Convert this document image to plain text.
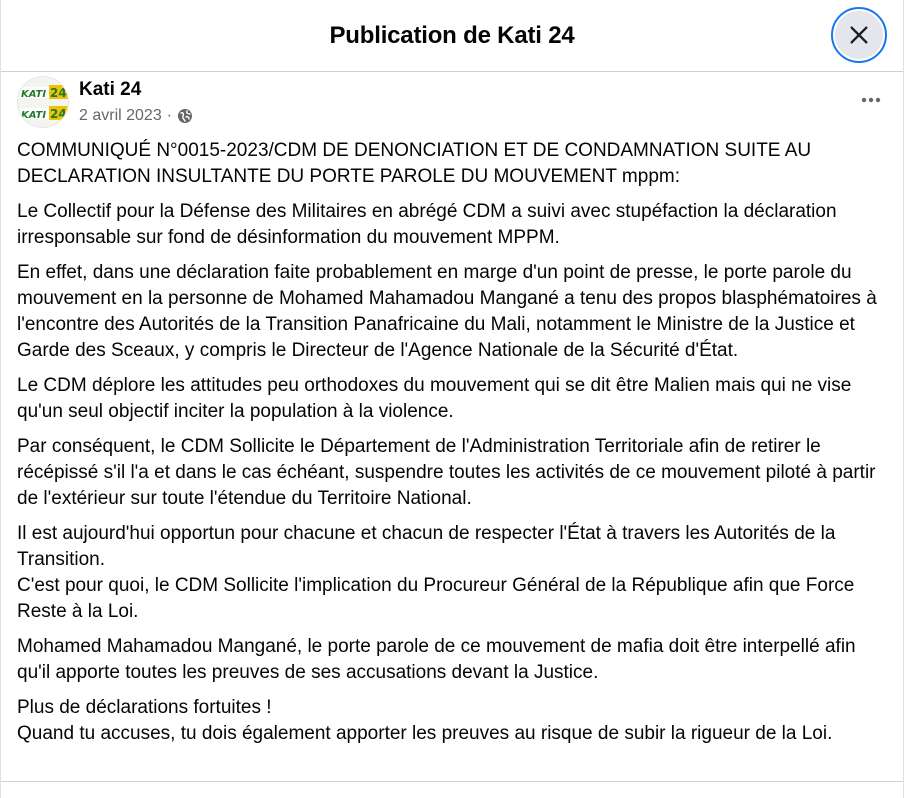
Publication de Kati 24
KATI 24
KATI 24
Kati 24
2 avril 2023 ·

COMMUNIQUÉ N°0015-2023/CDM DE DENONCIATION ET DE CONDAMNATION SUITE AU DECLARATION INSULTANTE DU PORTE PAROLE DU MOUVEMENT mppm:

Le Collectif pour la Défense des Militaires en abrégé CDM a suivi avec stupéfaction la déclaration irresponsable sur fond de désinformation du mouvement MPPM.

En effet, dans une déclaration faite probablement en marge d'un point de presse, le porte parole du mouvement en la personne de Mohamed Mahamadou Mangané a tenu des propos blasphématoires à l'encontre des Autorités de la Transition Panafricaine du Mali, notamment le Ministre de la Justice et Garde des Sceaux, y compris le Directeur de l'Agence Nationale de la Sécurité d'État.

Le CDM déplore les attitudes peu orthodoxes du mouvement qui se dit être Malien mais qui ne vise qu'un seul objectif inciter la population à la violence.

Par conséquent, le CDM Sollicite le Département de l'Administration Territoriale afin de retirer le récépissé s'il l'a et dans le cas échéant, suspendre toutes les activités de ce mouvement piloté à partir de l'extérieur sur toute l'étendue du Territoire National.

Il est aujourd'hui opportun pour chacune et chacun de respecter l'État à travers les Autorités de la Transition.
C'est pour quoi, le CDM Sollicite l'implication du Procureur Général de la République afin que Force Reste à la Loi.

Mohamed Mahamadou Mangané, le porte parole de ce mouvement de mafia doit être interpellé afin qu'il apporte toutes les preuves de ses accusations devant la Justice.

Plus de déclarations fortuites !
Quand tu accuses, tu dois également apporter les preuves au risque de subir la rigueur de la Loi.
